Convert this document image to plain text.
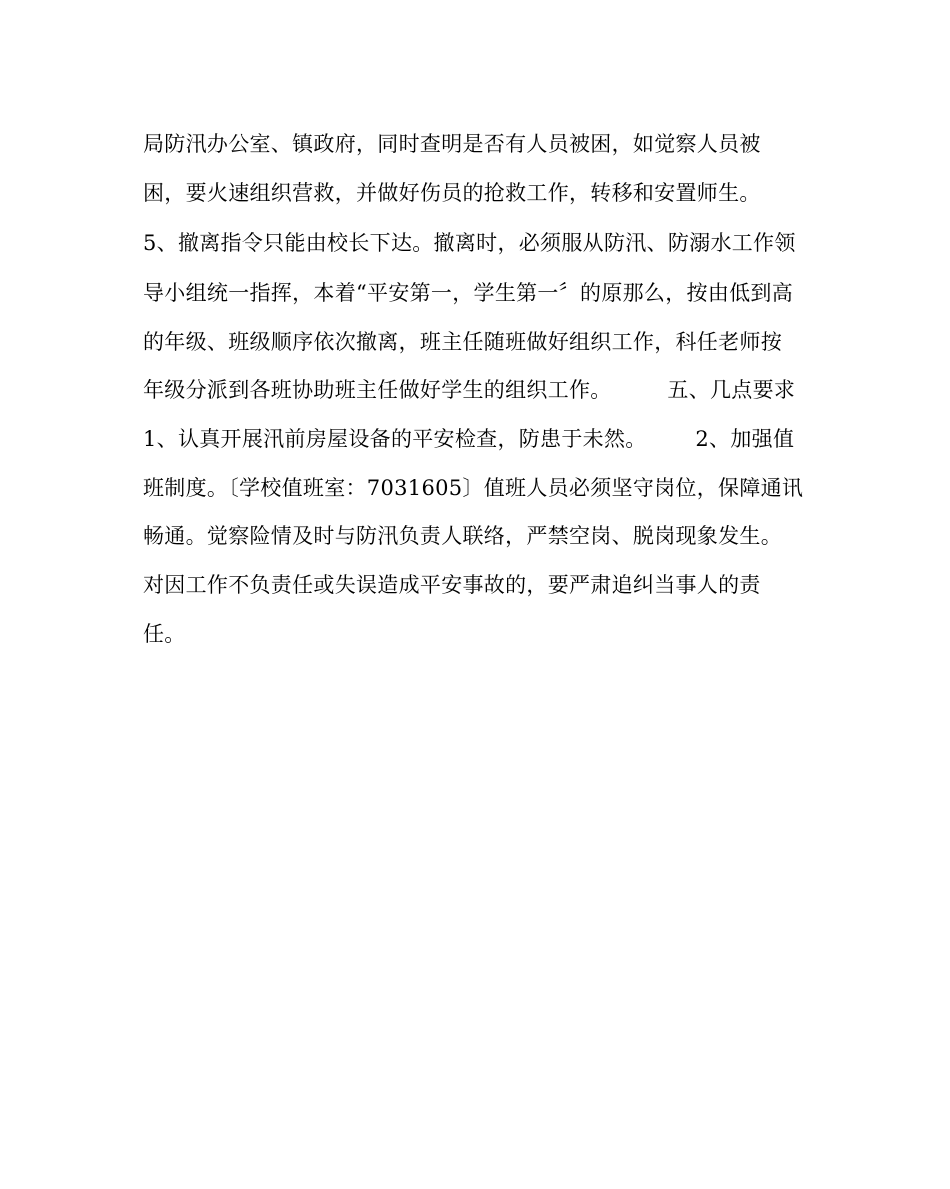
局防汛办公室、镇政府，同时查明是否有人员被困，如觉察人员被
困，要火速组织营救，并做好伤员的抢救工作，转移和安置师生。
5、撤离指令只能由校长下达。撤离时，必须服从防汛、防溺水工作领
导小组统一指挥，本着“平安第一，学生第一〞的原那么，按由低到高
的年级、班级顺序依次撤离，班主任随班做好组织工作，科任老师按
年级分派到各班协助班主任做好学生的组织工作。        五、几点要求
1、认真开展汛前房屋设备的平安检查，防患于未然。       2、加强值
班制度。〔学校值班室：7031605〕值班人员必须坚守岗位，保障通讯
畅通。觉察险情及时与防汛负责人联络，严禁空岗、脱岗现象发生。
对因工作不负责任或失误造成平安事故的，要严肃追纠当事人的责
任。
